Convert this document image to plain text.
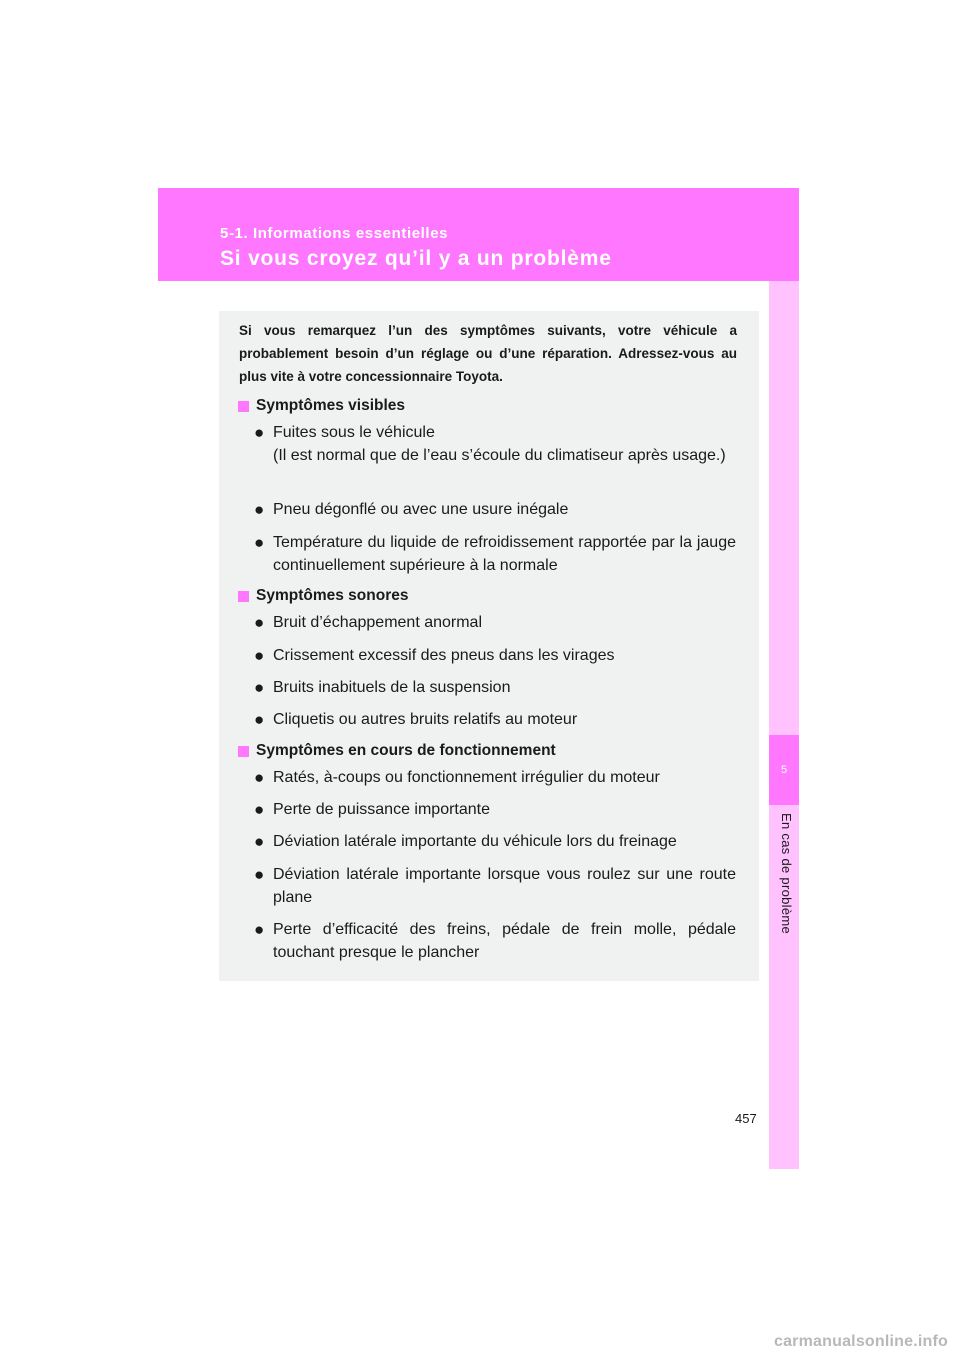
5-1. Informations essentielles
Si vous croyez qu’il y a un problème
5
En cas de problème

Si vous remarquez l’un des symptômes suivants, votre véhicule a probablement besoin d’un réglage ou d’une réparation. Adressez-vous au plus vite à votre concessionnaire Toyota.

Symptômes visibles
● Fuites sous le véhicule
(Il est normal que de l’eau s’écoule du climatiseur après usage.)
● Pneu dégonflé ou avec une usure inégale
● Température du liquide de refroidissement rapportée par la jauge continuellement supérieure à la normale
Symptômes sonores
● Bruit d’échappement anormal
● Crissement excessif des pneus dans les virages
● Bruits inabituels de la suspension
● Cliquetis ou autres bruits relatifs au moteur
Symptômes en cours de fonctionnement
● Ratés, à-coups ou fonctionnement irrégulier du moteur
● Perte de puissance importante
● Déviation latérale importante du véhicule lors du freinage
● Déviation latérale importante lorsque vous roulez sur une route plane
● Perte d’efficacité des freins, pédale de frein molle, pédale touchant presque le plancher
457
carmanualsonline.info
